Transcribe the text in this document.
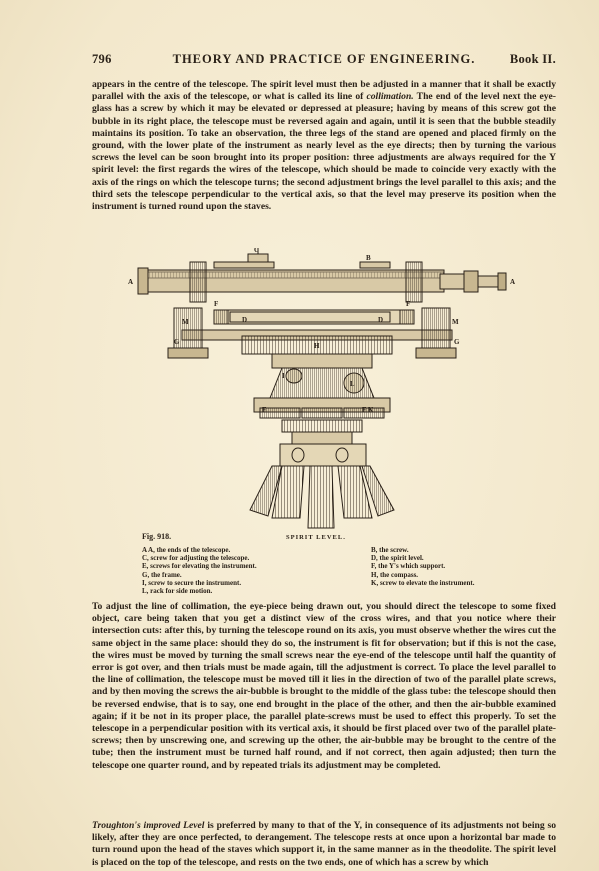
796	THEORY AND PRACTICE OF ENGINEERING.	Book II.

appears in the centre of the telescope. The spirit level must then be adjusted in a manner that it shall be exactly parallel with the axis of the telescope, or what is called its line of collimation. The end of the level next the eye-glass has a screw by which it may be elevated or depressed at pleasure; having by means of this screw got the bubble in its right place, the telescope must be reversed again and again, until it is seen that the bubble steadily maintains its position. To take an observation, the three legs of the stand are opened and placed firmly on the ground, with the lower plate of the instrument as nearly level as the eye directs; then by turning the various screws the level can be soon brought into its proper position: three adjustments are always required for the Y spirit level: the first regards the wires of the telescope, which should be made to coincide very exactly with the axis of the rings on which the telescope turns; the second adjustment brings the level parallel to this axis; and the third sets the telescope perpendicular to the vertical axis, so that the level may preserve its position when the instrument is turned round upon the staves.

A	A
B
C
D	D
E	E
F	F
G	G
H
I
K
L
M	M
Fig. 918.	SPIRIT LEVEL.
A A, the ends of the telescope.
C, screw for adjusting the telescope.
E, screws for elevating the instrument.
G, the frame.
I, screw to secure the instrument.
L, rack for side motion.
B, the screw.
D, the spirit level.
F, the Y's which support.
H, the compass.
K, screw to elevate the instrument.

To adjust the line of collimation, the eye-piece being drawn out, you should direct the telescope to some fixed object, care being taken that you get a distinct view of the cross wires, and that you notice where their intersection cuts: after this, by turning the telescope round on its axis, you must observe whether the wires cut the same object in the same place: should they do so, the instrument is fit for observation; but if this is not the case, the wires must be moved by turning the small screws near the eye-end of the telescope until half the quantity of error is got over, and then trials must be made again, till the adjustment is correct. To place the level parallel to the line of collimation, the telescope must be moved till it lies in the direction of two of the parallel plate screws, and by then moving the screws the air-bubble is brought to the middle of the glass tube: the telescope should then be reversed endwise, that is to say, one end brought in the place of the other, and then the air-bubble examined again; if it be not in its proper place, the parallel plate-screws must be used to effect this properly. To set the telescope in a perpendicular position with its vertical axis, it should be first placed over two of the parallel plate-screws; then by unscrewing one, and screwing up the other, the air-bubble may be brought to the centre of the tube; then the instrument must be turned half round, and if not correct, then again adjusted; then turn the telescope one quarter round, and by repeated trials its adjustment may be completed.

Troughton's improved Level is preferred by many to that of the Y, in consequence of its adjustments not being so likely, after they are once perfected, to derangement. The telescope rests at once upon a horizontal bar made to turn round upon the head of the staves which support it, in the same manner as in the theodolite. The spirit level is placed on the top of the telescope, and rests on the two ends, one of which has a screw by which
